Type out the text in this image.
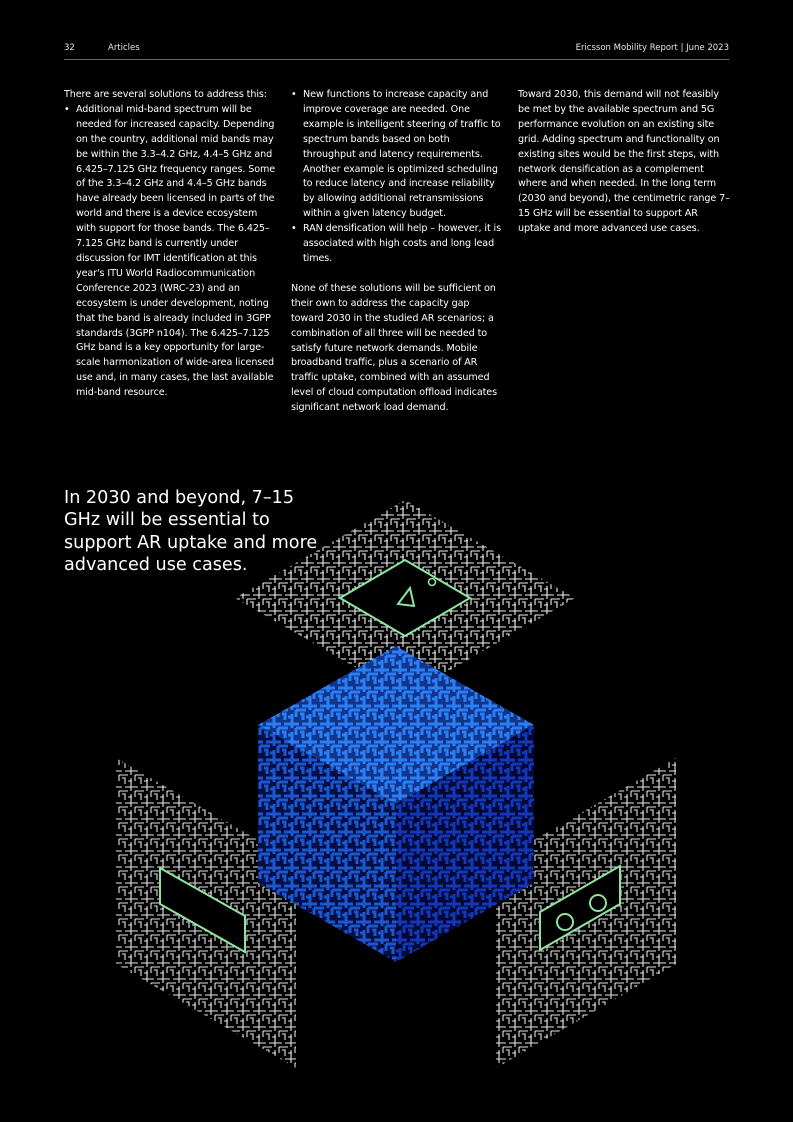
32	Articles	Ericsson Mobility Report | June 2023

There are several solutions to address this:

• Additional mid-band spectrum will be needed for increased capacity. Depending on the country, additional mid bands may be within the 3.3–4.2 GHz, 4.4–5 GHz and 6.425–7.125 GHz frequency ranges. Some of the 3.3–4.2 GHz and 4.4–5 GHz bands have already been licensed in parts of the world and there is a device ecosystem with support for those bands. The 6.425–7.125 GHz band is currently under discussion for IMT identification at this year's ITU World Radiocommunication Conference 2023 (WRC-23) and an ecosystem is under development, noting that the band is already included in 3GPP standards (3GPP n104). The 6.425–7.125 GHz band is a key opportunity for large-scale harmonization of wide-area licensed use and, in many cases, the last available mid-band resource.
• New functions to increase capacity and improve coverage are needed. One example is intelligent steering of traffic to spectrum bands based on both throughput and latency requirements. Another example is optimized scheduling to reduce latency and increase reliability by allowing additional retransmissions within a given latency budget.
• RAN densification will help – however, it is associated with high costs and long lead times.

None of these solutions will be sufficient on their own to address the capacity gap toward 2030 in the studied AR scenarios; a combination of all three will be needed to satisfy future network demands. Mobile broadband traffic, plus a scenario of AR traffic uptake, combined with an assumed level of cloud computation offload indicates significant network load demand.

Toward 2030, this demand will not feasibly be met by the available spectrum and 5G performance evolution on an existing site grid. Adding spectrum and functionality on existing sites would be the first steps, with network densification as a complement where and when needed. In the long term (2030 and beyond), the centimetric range 7–15 GHz will be essential to support AR uptake and more advanced use cases.

In 2030 and beyond, 7–15 GHz will be essential to support AR uptake and more advanced use cases.
